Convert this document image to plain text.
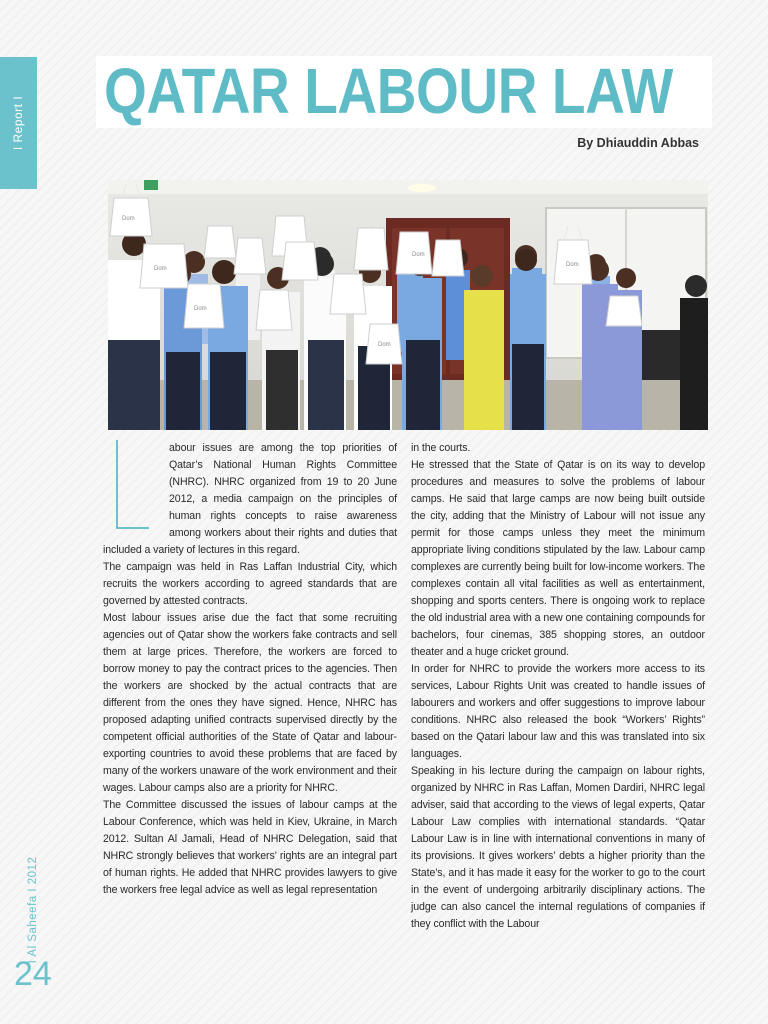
I Report I QATAR LABOUR LAW
By Dhiauddin Abbas
Dom
Dom
Dom
Dom
Dom
Dom
L

abour issues are among the top priorities of Qatar’s National Human Rights Committee (NHRC). NHRC organized from 19 to 20 June 2012, a media campaign on the principles of human rights concepts to raise awareness among workers about their rights and duties that included a variety of lectures in this regard.

The campaign was held in Ras Laffan Industrial City, which recruits the workers according to agreed standards that are governed by attested contracts.

Most labour issues arise due the fact that some recruiting agencies out of Qatar show the workers fake contracts and sell them at large prices. Therefore, the workers are forced to borrow money to pay the contract prices to the agencies. Then the workers are shocked by the actual contracts that are different from the ones they have signed. Hence, NHRC has proposed adapting unified contracts supervised directly by the competent official authorities of the State of Qatar and labour-exporting countries to avoid these problems that are faced by many of the workers unaware of the work environment and their wages. Labour camps also are a priority for NHRC.

The Committee discussed the issues of labour camps at the Labour Conference, which was held in Kiev, Ukraine, in March 2012. Sultan Al Jamali, Head of NHRC Delegation, said that NHRC strongly believes that workers’ rights are an integral part of human rights. He added that NHRC provides lawyers to give the workers free legal advice as well as legal representation

in the courts.

He stressed that the State of Qatar is on its way to develop procedures and measures to solve the problems of labour camps. He said that large camps are now being built outside the city, adding that the Ministry of Labour will not issue any permit for those camps unless they meet the minimum appropriate living conditions stipulated by the law. Labour camp complexes are currently being built for low-income workers. The complexes contain all vital facilities as well as entertainment, shopping and sports centers. There is ongoing work to replace the old industrial area with a new one containing compounds for bachelors, four cinemas, 385 shopping stores, an outdoor theater and a huge cricket ground.

In order for NHRC to provide the workers more access to its services, Labour Rights Unit was created to handle issues of labourers and workers and offer suggestions to improve labour conditions. NHRC also released the book “Workers’ Rights” based on the Qatari labour law and this was translated into six languages.

Speaking in his lecture during the campaign on labour rights, organized by NHRC in Ras Laffan, Momen Dardiri, NHRC legal adviser, said that according to the views of legal experts, Qatar Labour Law complies with international standards. “Qatar Labour Law is in line with international conventions in many of its provisions. It gives workers’ debts a higher priority than the State’s, and it has made it easy for the worker to go to the court in the event of undergoing arbitrarily disciplinary actions. The judge can also cancel the internal regulations of companies if they conflict with the Labour

I Al Saheefa I 2012
24
